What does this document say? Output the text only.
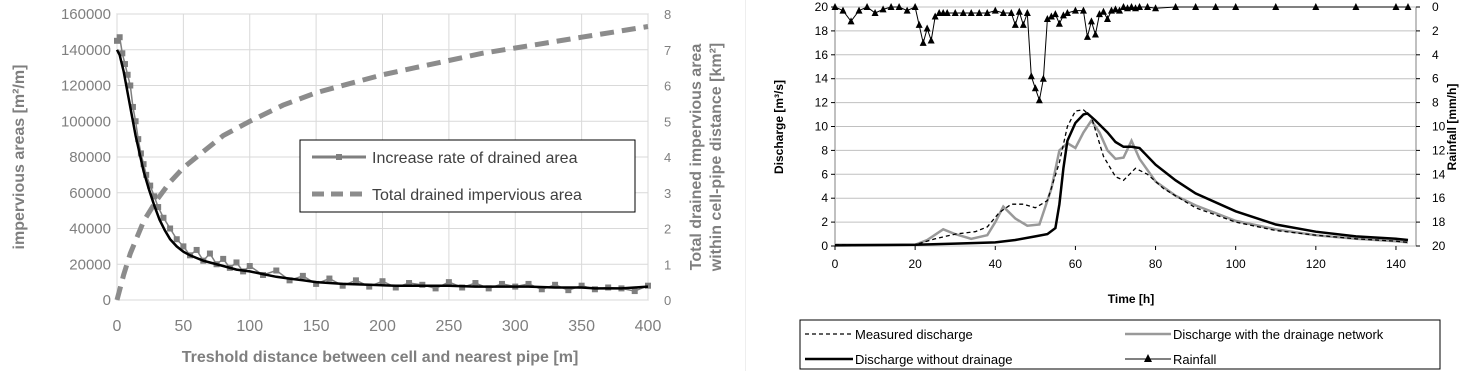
0
20000
40000
60000
80000
100000
120000
140000
160000
0	50	100 150 200 250 300 350 400
0
1
2
3
4
5
6
7
8
impervious areas [m²/m]	Total drained impervious area within cell-pipe distance [km²]
Treshold distance between cell and nearest pipe [m]
Increase rate of drained area
Total drained impervious area
0
2
4
6
8
10
12
14
16
18
20	0
2
4
6
8
10
12
14
16
18
20
0	20	40	60	80	100	120	140
Discharge [m³/s]	Rainfall [mm/h]
Time [h]
Measured discharge	Discharge with the drainage network
Discharge without drainage	Rainfall
